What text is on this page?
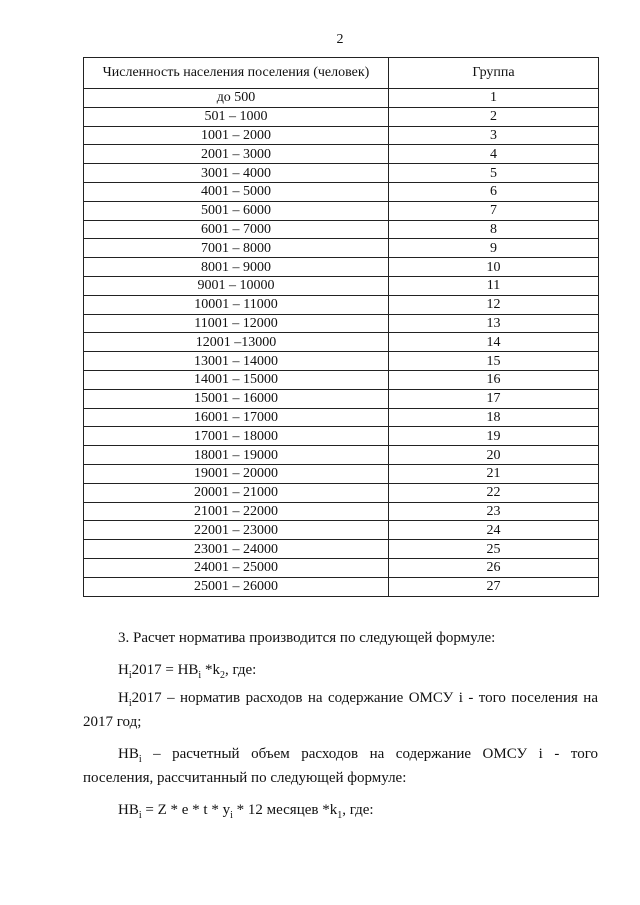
2
Численность населения поселения (человек)	Группа
до 500	1
501 – 1000	2
1001 – 2000	3
2001 – 3000	4
3001 – 4000	5
4001 – 5000	6
5001 – 6000	7
6001 – 7000	8
7001 – 8000	9
8001 – 9000	10
9001 – 10000	11
10001 – 11000	12
11001 – 12000	13
12001 –13000	14
13001 – 14000	15
14001 – 15000	16
15001 – 16000	17
16001 – 17000	18
17001 – 18000	19
18001 – 19000	20
19001 – 20000	21
20001 – 21000	22
21001 – 22000	23
22001 – 23000	24
23001 – 24000	25
24001 – 25000	26
25001 – 26000	27

3. Расчет норматива производится по следующей формуле:

$Н_i2017 = НВ_i$ $*k_2$, где:

$Н_i2017$ – норматив расходов на содержание ОМСУ i - того поселения на

2017 год;

$НВ_i$ – расчетный объем расходов на содержание ОМСУ i - того

поселения, рассчитанный по следующей формуле:

$НВ_i = Z * e * t * y_i * 12$ месяцев $*k_1$, где:
